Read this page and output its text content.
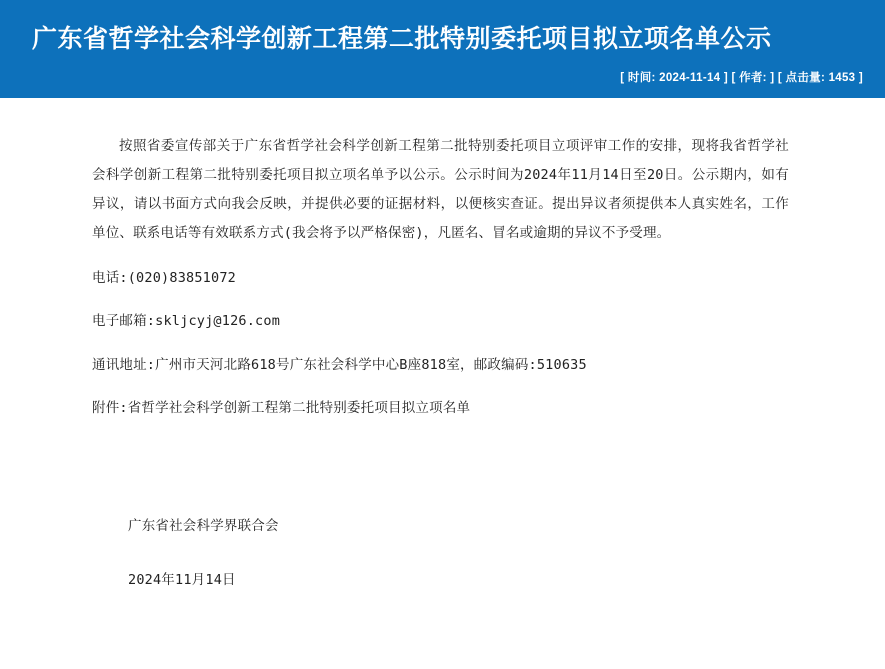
广东省哲学社会科学创新工程第二批特别委托项目拟立项名单公示
[ 时间: 2024-11-14 ] [ 作者: ] [ 点击量: 1453 ]

按照省委宣传部关于广东省哲学社会科学创新工程第二批特别委托项目立项评审工作的安排，现将我省哲学社会科学创新工程第二批特别委托项目拟立项名单予以公示。公示时间为2024年11月14日至20日。公示期内，如有异议，请以书面方式向我会反映，并提供必要的证据材料，以便核实查证。提出异议者须提供本人真实姓名，工作单位、联系电话等有效联系方式(我会将予以严格保密)，凡匿名、冒名或逾期的异议不予受理。

电话:(020)83851072

电子邮箱:skljcyj@126.com

通讯地址:广州市天河北路618号广东社会科学中心B座818室，邮政编码:510635

附件:省哲学社会科学创新工程第二批特别委托项目拟立项名单

广东省社会科学界联合会

2024年11月14日
